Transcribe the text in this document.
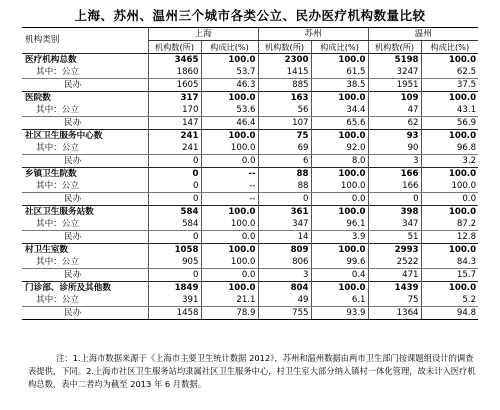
上海、苏州、温州三个城市各类公立、民办医疗机构数量比较
机构类别	上海		苏州		温州	
	机构数(所)	构成比(%)	机构数(所)	构成比(%)	机构数(所)	构成比(%)
医疗机构总数	3465	100.0	2300	100.0	5198	100.0
其中：公立	1860	53.7	1415	61.5	3247	62.5
民办	1605	46.3	885	38.5	1951	37.5
医院数	317	100.0	163	100.0	109	100.0
其中：公立	170	53.6	56	34.4	47	43.1
民办	147	46.4	107	65.6	62	56.9
社区卫生服务中心数	241	100.0	75	100.0	93	100.0
其中：公立	241	100.0	69	92.0	90	96.8
民办	0	0.0	6	8.0	3	3.2
乡镇卫生院数	0	--	88	100.0	166	100.0
其中：公立	0	--	88	100.0	166	100.0
民办	0	--	0	0.0	0	0.0
社区卫生服务站数	584	100.0	361	100.0	398	100.0
其中：公立	584	100.0	347	96.1	347	87.2
民办	0	0.0	14	3.9	51	12.8
村卫生室数	1058	100.0	809	100.0	2993	100.0
其中：公立	905	100.0	806	99.6	2522	84.3
民办	0	0.0	3	0.4	471	15.7
门诊部、诊所及其他数	1849	100.0	804	100.0	1439	100.0
其中：公立	391	21.1	49	6.1	75	5.2
民办	1458	78.9	755	93.9	1364	94.8
注：1.上海市数据来源于《上海市主要卫生统计数据 2012》，苏州和温州数据由两市卫生部门按课题组设计的调查表提供，下同。2.上海市社区卫生服务站均隶属社区卫生服务中心，村卫生室大部分纳入镇村一体化管理，故未计入医疗机构总数，表中二者均为截至 2013 年 6 月数据。
